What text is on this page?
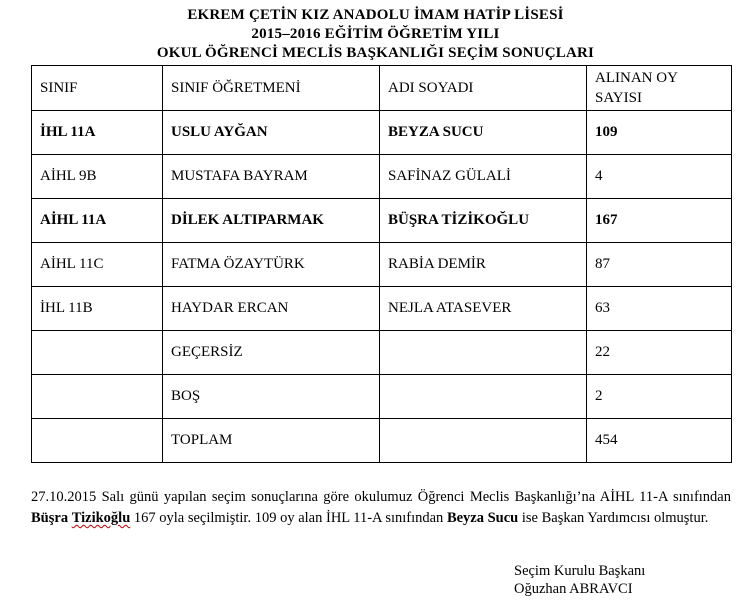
EKREM ÇETİN KIZ ANADOLU İMAM HATİP LİSESİ
2015–2016 EĞİTİM ÖĞRETİM YILI
OKUL ÖĞRENCİ MECLİS BAŞKANLIĞI SEÇİM SONUÇLARI
SINIF	SINIF ÖĞRETMENİ	ADI SOYADI	ALINAN OY
SAYISI
İHL 11A	USLU AYĞAN	BEYZA SUCU	109
AİHL 9B	MUSTAFA BAYRAM	SAFİNAZ GÜLALİ	4
AİHL 11A	DİLEK ALTIPARMAK	BÜŞRA TİZİKOĞLU	167
AİHL 11C	FATMA ÖZAYTÜRK	RABİA DEMİR	87
İHL 11B	HAYDAR ERCAN	NEJLA ATASEVER	63
	GEÇERSİZ		22
	BOŞ		2
	TOPLAM		454
27.10.2015 Salı günü yapılan seçim sonuçlarına göre okulumuz Öğrenci Meclis Başkanlığı’na AİHL 11-A sınıfından Büşra Tizikoğlu 167 oyla seçilmiştir. 109 oy alan İHL 11-A sınıfından Beyza Sucu ise Başkan Yardımcısı olmuştur.
Seçim Kurulu Başkanı
Oğuzhan ABRAVCI
